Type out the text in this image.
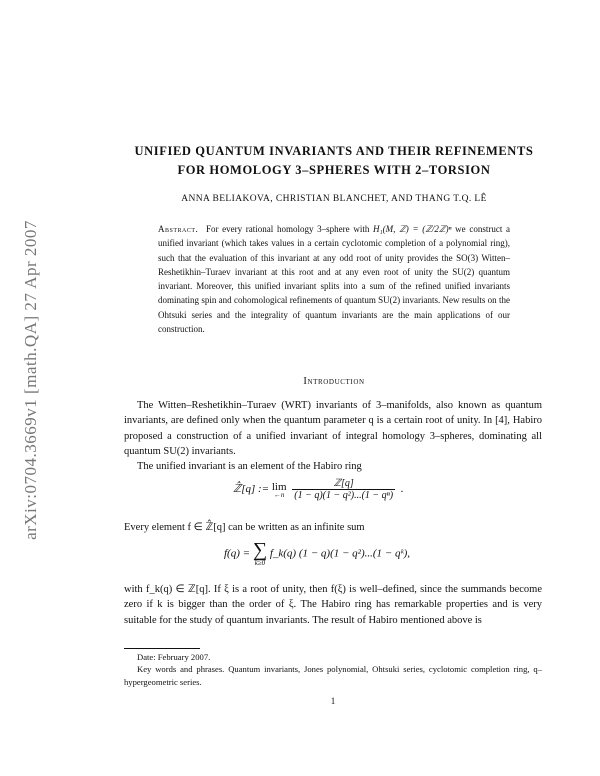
arXiv:0704.3669v1 [math.QA] 27 Apr 2007
UNIFIED QUANTUM INVARIANTS AND THEIR REFINEMENTS
FOR HOMOLOGY 3–SPHERES WITH 2–TORSION
ANNA BELIAKOVA, CHRISTIAN BLANCHET, AND THANG T.Q. LÊ
Abstract. For every rational homology 3–sphere with H₁(M, ℤ) = (ℤ/2ℤ)ⁿ we construct a unified invariant (which takes values in a certain cyclotomic completion of a polynomial ring), such that the evaluation of this invariant at any odd root of unity provides the SO(3) Witten–Reshetikhin–Turaev invariant at this root and at any even root of unity the SU(2) quantum invariant. Moreover, this unified invariant splits into a sum of the refined unified invariants dominating spin and cohomological refinements of quantum SU(2) invariants. New results on the Ohtsuki series and the integrality of quantum invariants are the main applications of our construction.
Introduction
The Witten–Reshetikhin–Turaev (WRT) invariants of 3–manifolds, also known as quantum invariants, are defined only when the quantum parameter q is a certain root of unity. In [4], Habiro proposed a construction of a unified invariant of integral homology 3–spheres, dominating all quantum SU(2) invariants.
The unified invariant is an element of the Habiro ring
ℤ̂[q] := lim
←n
$\frac{\text{ℤ[q]}}{\text{(1 − q)(1 − q²)...(1 − qⁿ)}}$ .
Every element f ∈ ℤ̂[q] can be written as an infinite sum
f(q) = ∑
k≥0
f_k(q) (1 − q)(1 − q²)...(1 − qᵏ),
with f_k(q) ∈ ℤ[q]. If ξ is a root of unity, then f(ξ) is well–defined, since the summands become zero if k is bigger than the order of ξ. The Habiro ring has remarkable properties and is very suitable for the study of quantum invariants. The result of Habiro mentioned above is
Date: February 2007.
Key words and phrases. Quantum invariants, Jones polynomial, Ohtsuki series, cyclotomic completion ring, q–hypergeometric series.
1
